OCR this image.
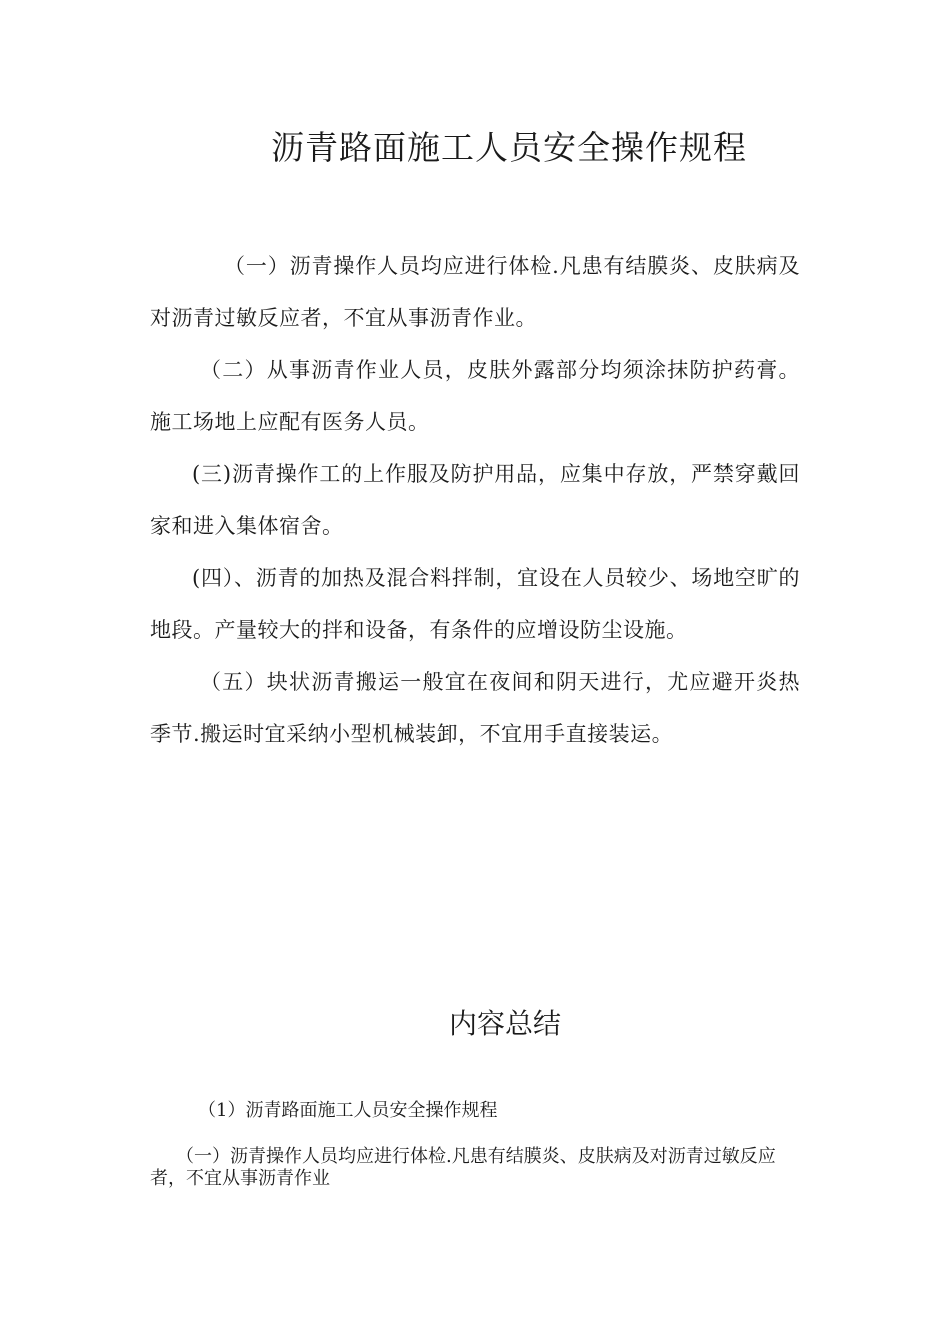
沥青路面施工人员安全操作规程

（一）沥青操作人员均应进行体检.凡患有结膜炎、皮肤病及对沥青过敏反应者，不宜从事沥青作业。

（二）从事沥青作业人员，皮肤外露部分均须涂抹防护药膏。施工场地上应配有医务人员。

(三)沥青操作工的上作服及防护用品，应集中存放，严禁穿戴回家和进入集体宿舍。

(四）、沥青的加热及混合料拌制，宜设在人员较少、场地空旷的地段。产量较大的拌和设备，有条件的应增设防尘设施。

（五）块状沥青搬运一般宜在夜间和阴天进行，尤应避开炎热季节.搬运时宜采纳小型机械装卸，不宜用手直接装运。

内容总结

（1）沥青路面施工人员安全操作规程

（一）沥青操作人员均应进行体检.凡患有结膜炎、皮肤病及对沥青过敏反应者，不宜从事沥青作业
